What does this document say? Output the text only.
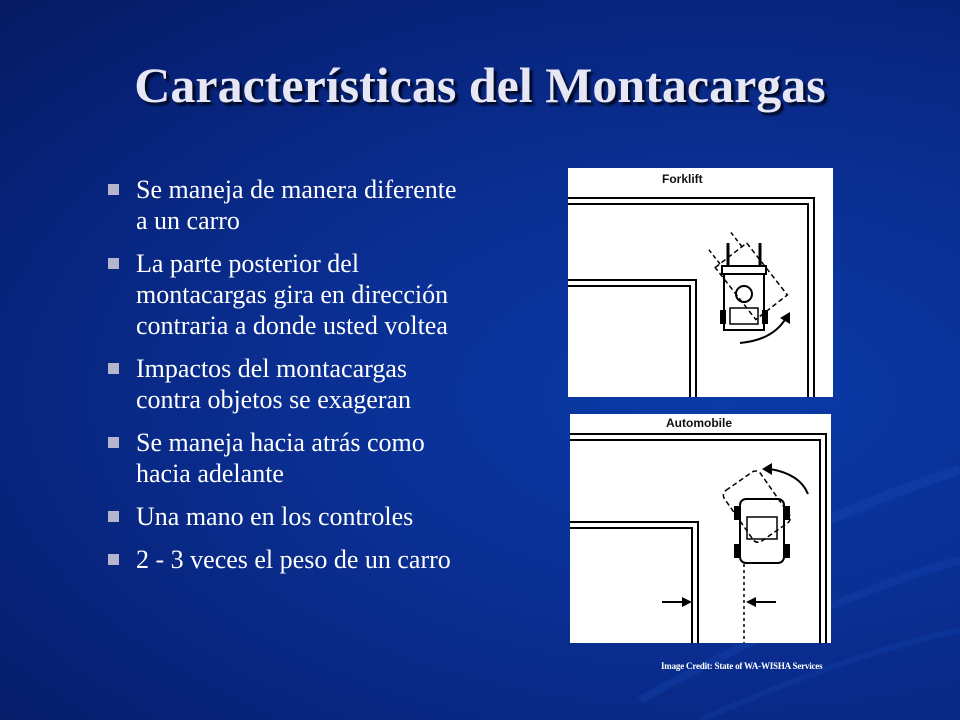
Características del Montacargas
Se maneja de manera diferente a un carro
La parte posterior del montacargas gira en dirección contraria a donde usted voltea
Impactos del montacargas contra objetos se exageran
Se maneja hacia atrás como hacia adelante
Una mano en los controles
2 - 3 veces el peso de un carro
Forklift
Automobile
Image Credit: State of WA-WISHA Services
